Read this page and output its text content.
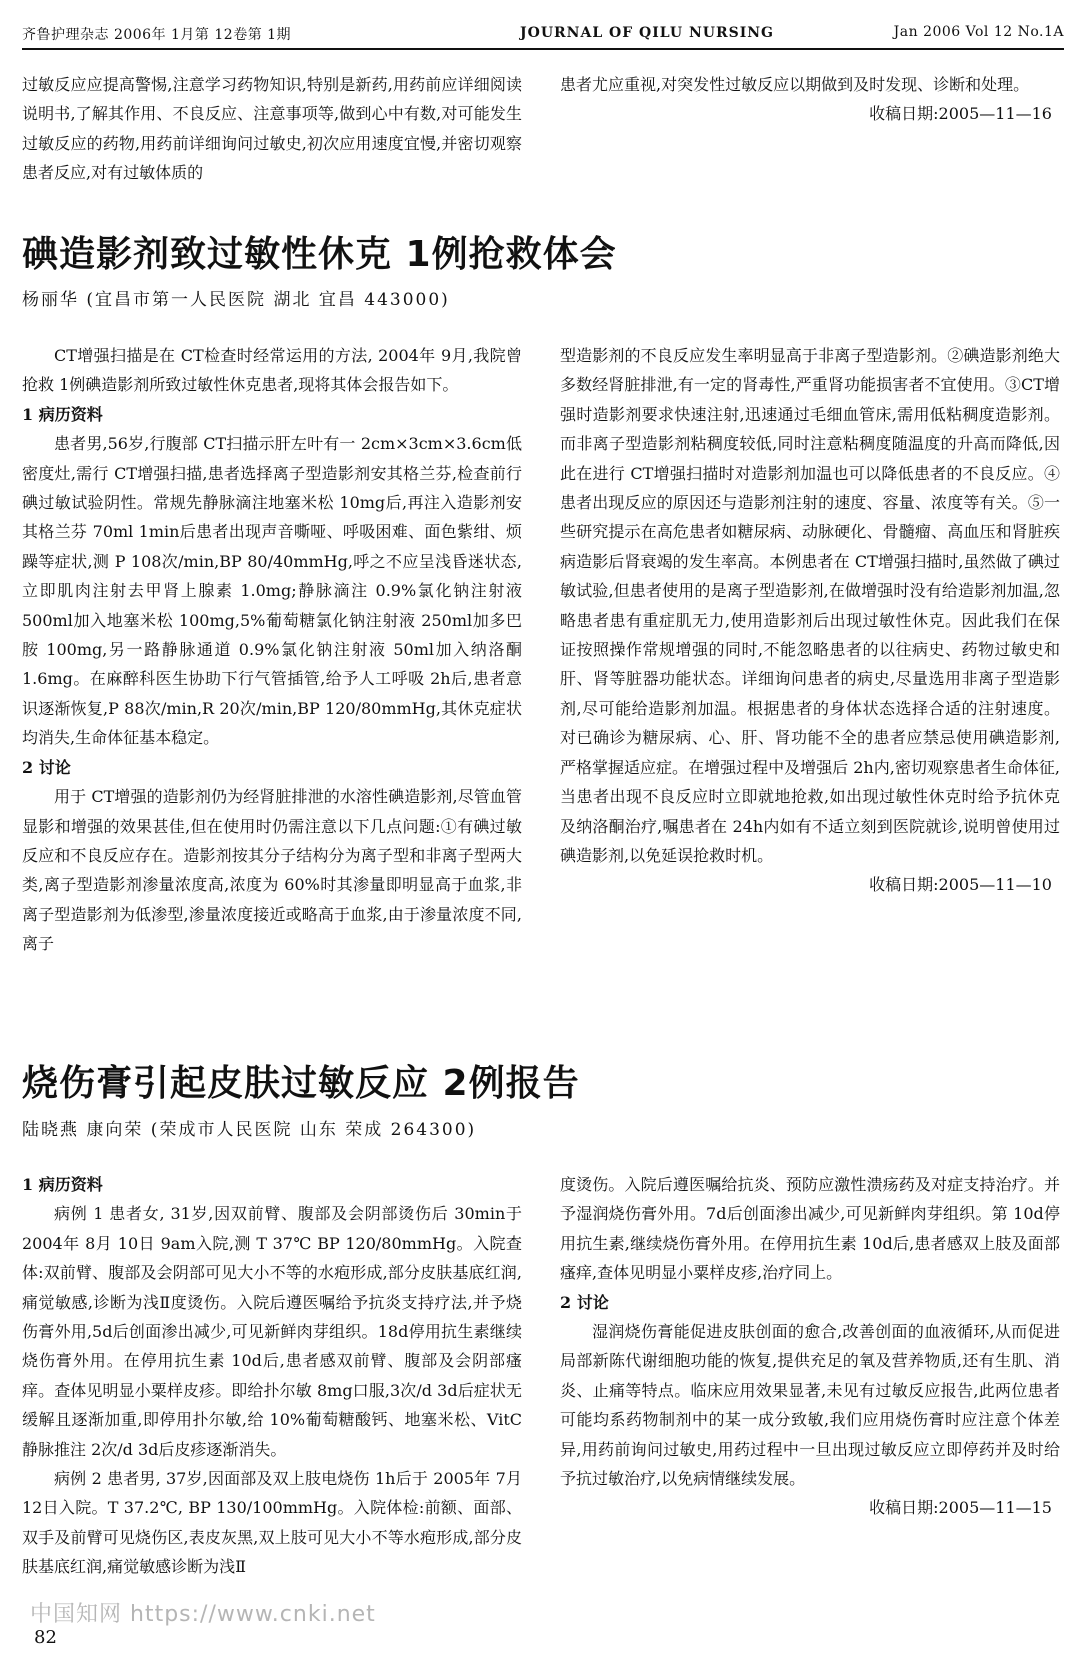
齐鲁护理杂志 2006年 1月第 12卷第 1期	JOURNAL OF QILU NURSING	Jan 2006 Vol 12 No.1A

过敏反应应提高警惕,注意学习药物知识,特别是新药,用药前应详细阅读说明书,了解其作用、不良反应、注意事项等,做到心中有数,对可能发生过敏反应的药物,用药前详细询问过敏史,初次应用速度宜慢,并密切观察患者反应,对有过敏体质的

患者尤应重视,对突发性过敏反应以期做到及时发现、诊断和处理。

收稿日期:2005—11—16

碘造影剂致过敏性休克 1例抢救体会
杨丽华 (宜昌市第一人民医院 湖北 宜昌 443000)

CT增强扫描是在 CT检查时经常运用的方法, 2004年 9月,我院曾抢救 1例碘造影剂所致过敏性休克患者,现将其体会报告如下。

1 病历资料

患者男,56岁,行腹部 CT扫描示肝左叶有一 2cm×3cm×3.6cm低密度灶,需行 CT增强扫描,患者选择离子型造影剂安其格兰芬,检查前行碘过敏试验阴性。常规先静脉滴注地塞米松 10mg后,再注入造影剂安其格兰芬 70ml 1min后患者出现声音嘶哑、呼吸困难、面色紫绀、烦躁等症状,测 P 108次/min,BP 80/40mmHg,呼之不应呈浅昏迷状态,立即肌肉注射去甲肾上腺素 1.0mg;静脉滴注 0.9%氯化钠注射液 500ml加入地塞米松 100mg,5%葡萄糖氯化钠注射液 250ml加多巴胺 100mg,另一路静脉通道 0.9%氯化钠注射液 50ml加入纳洛酮 1.6mg。在麻醉科医生协助下行气管插管,给予人工呼吸 2h后,患者意识逐渐恢复,P 88次/min,R 20次/min,BP 120/80mmHg,其休克症状均消失,生命体征基本稳定。

2 讨论

用于 CT增强的造影剂仍为经肾脏排泄的水溶性碘造影剂,尽管血管显影和增强的效果甚佳,但在使用时仍需注意以下几点问题:①有碘过敏反应和不良反应存在。造影剂按其分子结构分为离子型和非离子型两大类,离子型造影剂渗量浓度高,浓度为 60%时其渗量即明显高于血浆,非离子型造影剂为低渗型,渗量浓度接近或略高于血浆,由于渗量浓度不同,离子

型造影剂的不良反应发生率明显高于非离子型造影剂。②碘造影剂绝大多数经肾脏排泄,有一定的肾毒性,严重肾功能损害者不宜使用。③CT增强时造影剂要求快速注射,迅速通过毛细血管床,需用低粘稠度造影剂。而非离子型造影剂粘稠度较低,同时注意粘稠度随温度的升高而降低,因此在进行 CT增强扫描时对造影剂加温也可以降低患者的不良反应。④患者出现反应的原因还与造影剂注射的速度、容量、浓度等有关。⑤一些研究提示在高危患者如糖尿病、动脉硬化、骨髓瘤、高血压和肾脏疾病造影后肾衰竭的发生率高。本例患者在 CT增强扫描时,虽然做了碘过敏试验,但患者使用的是离子型造影剂,在做增强时没有给造影剂加温,忽略患者患有重症肌无力,使用造影剂后出现过敏性休克。因此我们在保证按照操作常规增强的同时,不能忽略患者的以往病史、药物过敏史和肝、肾等脏器功能状态。详细询问患者的病史,尽量选用非离子型造影剂,尽可能给造影剂加温。根据患者的身体状态选择合适的注射速度。对已确诊为糖尿病、心、肝、肾功能不全的患者应禁忌使用碘造影剂,严格掌握适应症。在增强过程中及增强后 2h内,密切观察患者生命体征,当患者出现不良反应时立即就地抢救,如出现过敏性休克时给予抗休克及纳洛酮治疗,嘱患者在 24h内如有不适立刻到医院就诊,说明曾使用过碘造影剂,以免延误抢救时机。

收稿日期:2005—11—10

烧伤膏引起皮肤过敏反应 2例报告
陆晓燕 康向荣 (荣成市人民医院 山东 荣成 264300)

1 病历资料

病例 1 患者女, 31岁,因双前臂、腹部及会阴部烫伤后 30min于 2004年 8月 10日 9am入院,测 T 37℃ BP 120/80mmHg。入院查体:双前臂、腹部及会阴部可见大小不等的水疱形成,部分皮肤基底红润,痛觉敏感,诊断为浅Ⅱ度烫伤。入院后遵医嘱给予抗炎支持疗法,并予烧伤膏外用,5d后创面渗出减少,可见新鲜肉芽组织。18d停用抗生素继续烧伤膏外用。在停用抗生素 10d后,患者感双前臂、腹部及会阴部瘙痒。查体见明显小粟样皮疹。即给扑尔敏 8mg口服,3次/d 3d后症状无缓解且逐渐加重,即停用扑尔敏,给 10%葡萄糖酸钙、地塞米松、VitC静脉推注 2次/d 3d后皮疹逐渐消失。

病例 2 患者男, 37岁,因面部及双上肢电烧伤 1h后于 2005年 7月 12日入院。T 37.2℃, BP 130/100mmHg。入院体检:前额、面部、双手及前臂可见烧伤区,表皮灰黑,双上肢可见大小不等水疱形成,部分皮肤基底红润,痛觉敏感诊断为浅Ⅱ

度烫伤。入院后遵医嘱给抗炎、预防应激性溃疡药及对症支持治疗。并予湿润烧伤膏外用。7d后创面渗出减少,可见新鲜肉芽组织。第 10d停用抗生素,继续烧伤膏外用。在停用抗生素 10d后,患者感双上肢及面部瘙痒,查体见明显小粟样皮疹,治疗同上。

2 讨论

湿润烧伤膏能促进皮肤创面的愈合,改善创面的血液循环,从而促进局部新陈代谢细胞功能的恢复,提供充足的氧及营养物质,还有生肌、消炎、止痛等特点。临床应用效果显著,未见有过敏反应报告,此两位患者可能均系药物制剂中的某一成分致敏,我们应用烧伤膏时应注意个体差异,用药前询问过敏史,用药过程中一旦出现过敏反应立即停药并及时给予抗过敏治疗,以免病情继续发展。

收稿日期:2005—11—15

中国知网 https://www.cnki.net
82
